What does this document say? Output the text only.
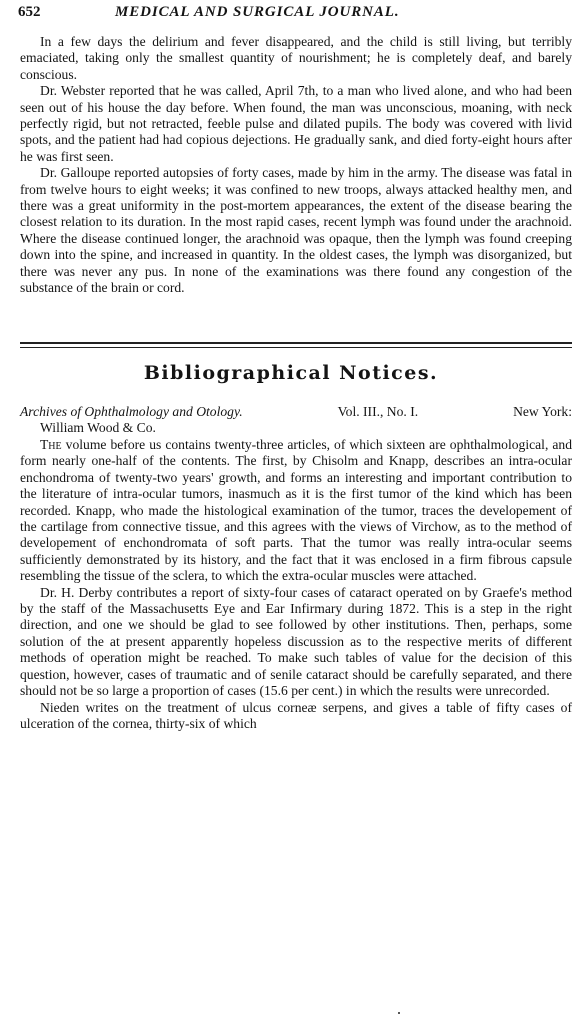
652	MEDICAL AND SURGICAL JOURNAL.

In a few days the delirium and fever disappeared, and the child is still living, but terribly emaciated, taking only the smallest quantity of nourishment; he is completely deaf, and barely conscious.

Dr. Webster reported that he was called, April 7th, to a man who lived alone, and who had been seen out of his house the day before. When found, the man was unconscious, moaning, with neck perfectly rigid, but not retracted, feeble pulse and dilated pupils. The body was covered with livid spots, and the patient had had copious dejections. He gradually sank, and died forty-eight hours after he was first seen.

Dr. Galloupe reported autopsies of forty cases, made by him in the army. The disease was fatal in from twelve hours to eight weeks; it was confined to new troops, always attacked healthy men, and there was a great uniformity in the post-mortem appearances, the extent of the disease bearing the closest relation to its duration. In the most rapid cases, recent lymph was found under the arachnoid. Where the disease continued longer, the arachnoid was opaque, then the lymph was found creeping down into the spine, and increased in quantity. In the oldest cases, the lymph was disorganized, but there was never any pus. In none of the examinations was there found any congestion of the substance of the brain or cord.

Bibliographical Notices.
Archives of Ophthalmology and Otology.	Vol. III., No. I.	New York:
William Wood & Co.

The volume before us contains twenty-three articles, of which sixteen are ophthalmological, and form nearly one-half of the contents. The first, by Chisolm and Knapp, describes an intra-ocular enchondroma of twenty-two years' growth, and forms an interesting and important contribution to the literature of intra-ocular tumors, inasmuch as it is the first tumor of the kind which has been recorded. Knapp, who made the histological examination of the tumor, traces the developement of the cartilage from connective tissue, and this agrees with the views of Virchow, as to the method of developement of enchondromata of soft parts. That the tumor was really intra-ocular seems sufficiently demonstrated by its history, and the fact that it was enclosed in a firm fibrous capsule resembling the tissue of the sclera, to which the extra-ocular muscles were attached.

Dr. H. Derby contributes a report of sixty-four cases of cataract operated on by Graefe's method by the staff of the Massachusetts Eye and Ear Infirmary during 1872. This is a step in the right direction, and one we should be glad to see followed by other institutions. Then, perhaps, some solution of the at present apparently hopeless discussion as to the respective merits of different methods of operation might be reached. To make such tables of value for the decision of this question, however, cases of traumatic and of senile cataract should be carefully separated, and there should not be so large a proportion of cases (15.6 per cent.) in which the results were unrecorded.

Nieden writes on the treatment of ulcus corneæ serpens, and gives a table of fifty cases of ulceration of the cornea, thirty-six of which
